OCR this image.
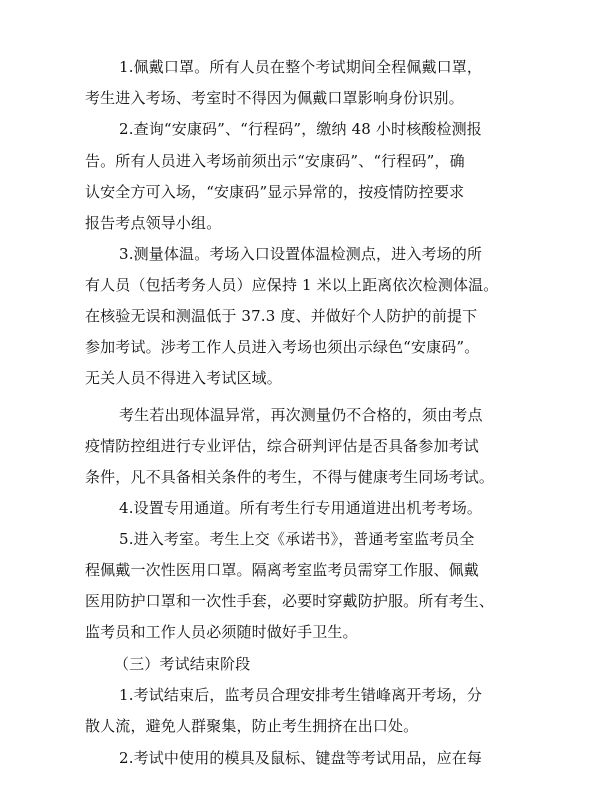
1.佩戴口罩。所有人员在整个考试期间全程佩戴口罩，
考生进入考场、考室时不得因为佩戴口罩影响身份识别。
2.查询“安康码”、“行程码”，缴纳 48 小时核酸检测报
告。所有人员进入考场前须出示“安康码”、“行程码”，确
认安全方可入场，“安康码”显示异常的，按疫情防控要求
报告考点领导小组。
3.测量体温。考场入口设置体温检测点，进入考场的所
有人员（包括考务人员）应保持 1 米以上距离依次检测体温。
在核验无误和测温低于 37.3 度、并做好个人防护的前提下
参加考试。涉考工作人员进入考场也须出示绿色“安康码”。
无关人员不得进入考试区域。
考生若出现体温异常，再次测量仍不合格的，须由考点
疫情防控组进行专业评估，综合研判评估是否具备参加考试
条件，凡不具备相关条件的考生，不得与健康考生同场考试。
4.设置专用通道。所有考生行专用通道进出机考考场。
5.进入考室。考生上交《承诺书》，普通考室监考员全
程佩戴一次性医用口罩。隔离考室监考员需穿工作服、佩戴
医用防护口罩和一次性手套，必要时穿戴防护服。所有考生、
监考员和工作人员必须随时做好手卫生。
（三）考试结束阶段
1.考试结束后，监考员合理安排考生错峰离开考场，分
散人流，避免人群聚集，防止考生拥挤在出口处。
2.考试中使用的模具及鼠标、键盘等考试用品，应在每
